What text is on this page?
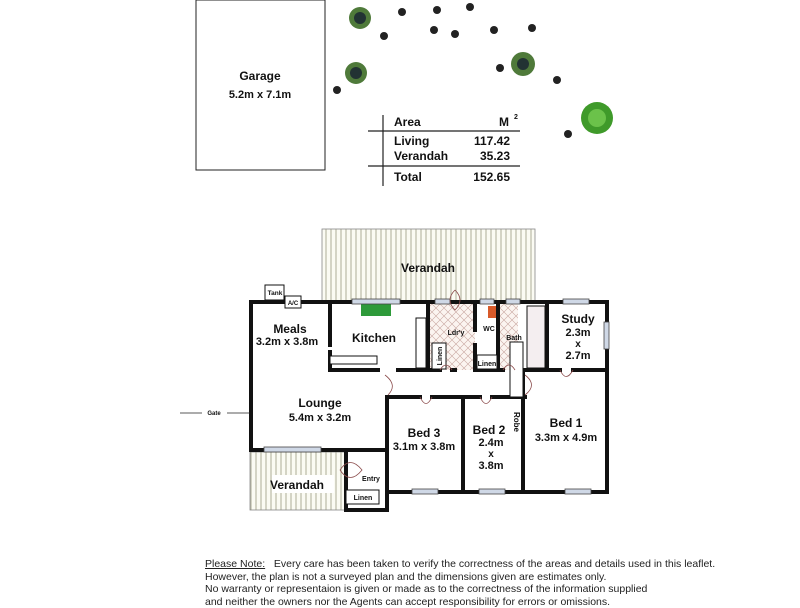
Garage
5.2m x 7.1m
Area	M 2
Living	117.42
Verandah	35.23
Total	152.65
Verandah
Verandah
Meals
3.2m x 3.8m	Kitchen	Ldr'y
Linen
WC
Linen
Bath
Study
2.3m
x
2.7m
Lounge
5.4m x 3.2m
Bed 3
3.1m x 3.8m
Bed 2
2.4m
x
3.8m
Robe Bed 1
3.3m x 4.9m
Entry
Linen
Tank
A/C
Gate
Please Note: Every care has been taken to verify the correctness of the areas and details used in this leaflet.
However, the plan is not a surveyed plan and the dimensions given are estimates only.
No warranty or representaion is given or made as to the correctness of the information supplied
and neither the owners nor the Agents can accept responsibility for errors or omissions.
